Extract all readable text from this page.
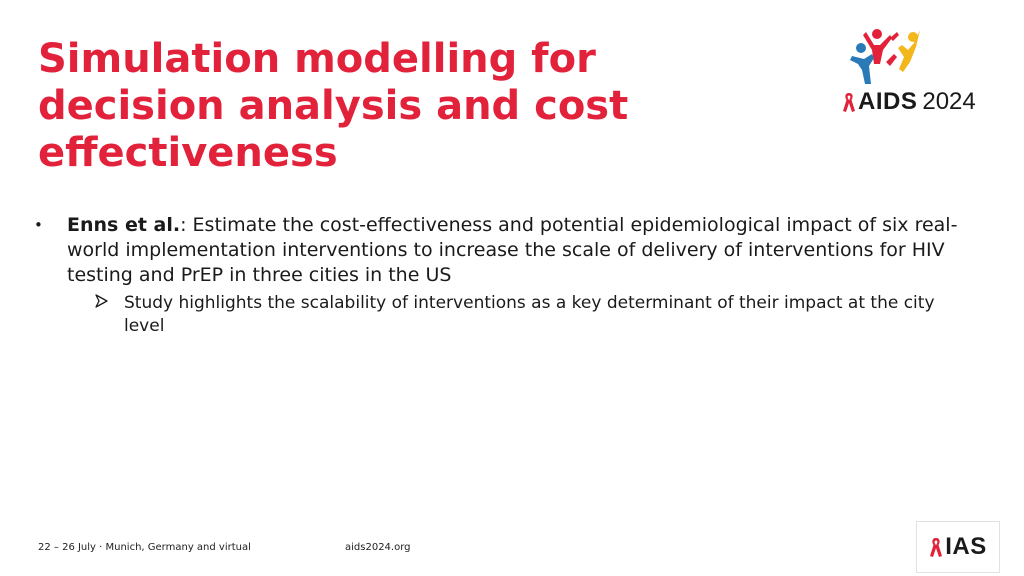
Simulation modelling for
decision analysis and cost
effectiveness
AIDS 2024
• Enns et al.: Estimate the cost-effectiveness and potential epidemiological impact of six real-world implementation interventions to increase the scale of delivery of interventions for HIV testing and PrEP in three cities in the US
Study highlights the scalability of interventions as a key determinant of their impact at the city level
22 – 26 July · Munich, Germany and virtual	aids2024.org	IAS
